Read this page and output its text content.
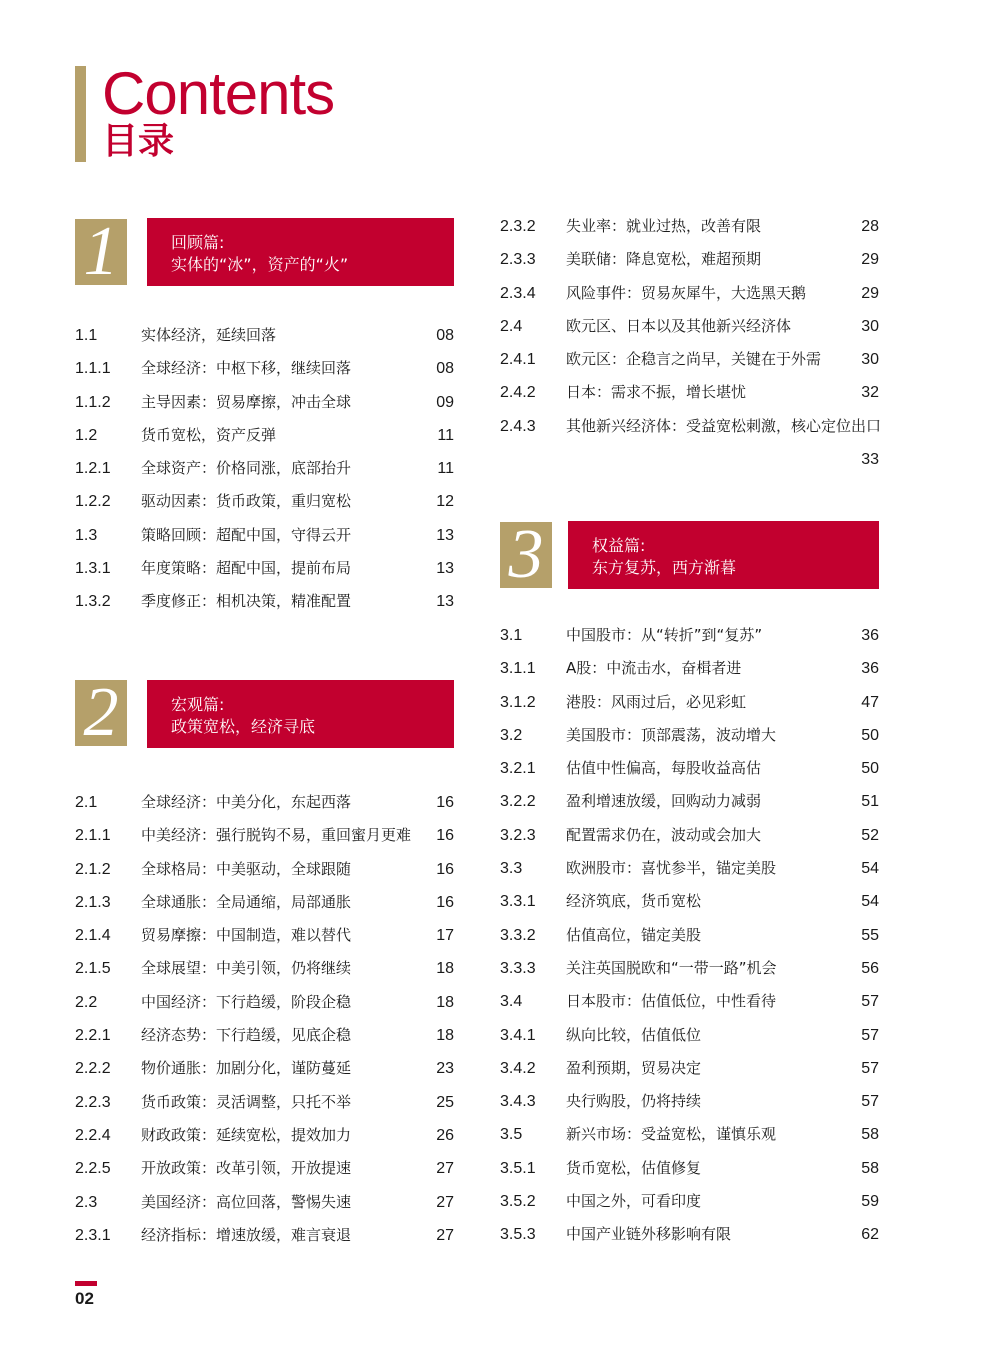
Contents
目录
1	回顾篇:
实体的“冰”，资产的“火”
1.1	实体经济，延续回落	08
1.1.1 全球经济：中枢下移，继续回落	08
1.1.2 主导因素：贸易摩擦，冲击全球	09
1.2	货币宽松，资产反弹	11
1.2.1 全球资产：价格同涨，底部抬升	11
1.2.2 驱动因素：货币政策，重归宽松	12
1.3	策略回顾：超配中国，守得云开	13
1.3.1 年度策略：超配中国，提前布局	13
1.3.2 季度修正：相机决策，精准配置	13
2	宏观篇:
政策宽松，经济寻底
2.1	全球经济：中美分化，东起西落	16
2.1.1 中美经济：强行脱钩不易，重回蜜月更难 16
2.1.2 全球格局：中美驱动，全球跟随	16
2.1.3 全球通胀：全局通缩，局部通胀	16
2.1.4 贸易摩擦：中国制造，难以替代	17
2.1.5 全球展望：中美引领，仍将继续	18
2.2	中国经济：下行趋缓，阶段企稳	18
2.2.1 经济态势：下行趋缓，见底企稳	18
2.2.2 物价通胀：加剧分化，谨防蔓延	23
2.2.3 货币政策：灵活调整，只托不举	25
2.2.4 财政政策：延续宽松，提效加力	26
2.2.5 开放政策：改革引领，开放提速	27
2.3	美国经济：高位回落，警惕失速	27
2.3.1 经济指标：增速放缓，难言衰退	27
2.3.2 失业率：就业过热，改善有限	28
2.3.3 美联储：降息宽松，难超预期	29
2.3.4 风险事件：贸易灰犀牛，大选黑天鹅	29
2.4	欧元区、日本以及其他新兴经济体	30
2.4.1 欧元区：企稳言之尚早，关键在于外需	30
2.4.2 日本：需求不振，增长堪忧	32
2.4.3 其他新兴经济体：受益宽松刺激，核心定位出口
33
3	权益篇:
东方复苏，西方渐暮
3.1	中国股市：从“转折”到“复苏”	36
3.1.1 A股：中流击水，奋楫者进	36
3.1.2 港股：风雨过后，必见彩虹	47
3.2	美国股市：顶部震荡，波动增大	50
3.2.1 估值中性偏高，每股收益高估	50
3.2.2 盈利增速放缓，回购动力减弱	51
3.2.3 配置需求仍在，波动或会加大	52
3.3	欧洲股市：喜忧参半，锚定美股	54
3.3.1 经济筑底，货币宽松	54
3.3.2 估值高位，锚定美股	55
3.3.3 关注英国脱欧和“一带一路”机会	56
3.4	日本股市：估值低位，中性看待	57
3.4.1 纵向比较，估值低位	57
3.4.2 盈利预期，贸易决定	57
3.4.3 央行购股，仍将持续	57
3.5	新兴市场：受益宽松，谨慎乐观	58
3.5.1 货币宽松，估值修复	58
3.5.2 中国之外，可看印度	59
3.5.3 中国产业链外移影响有限	62
02
